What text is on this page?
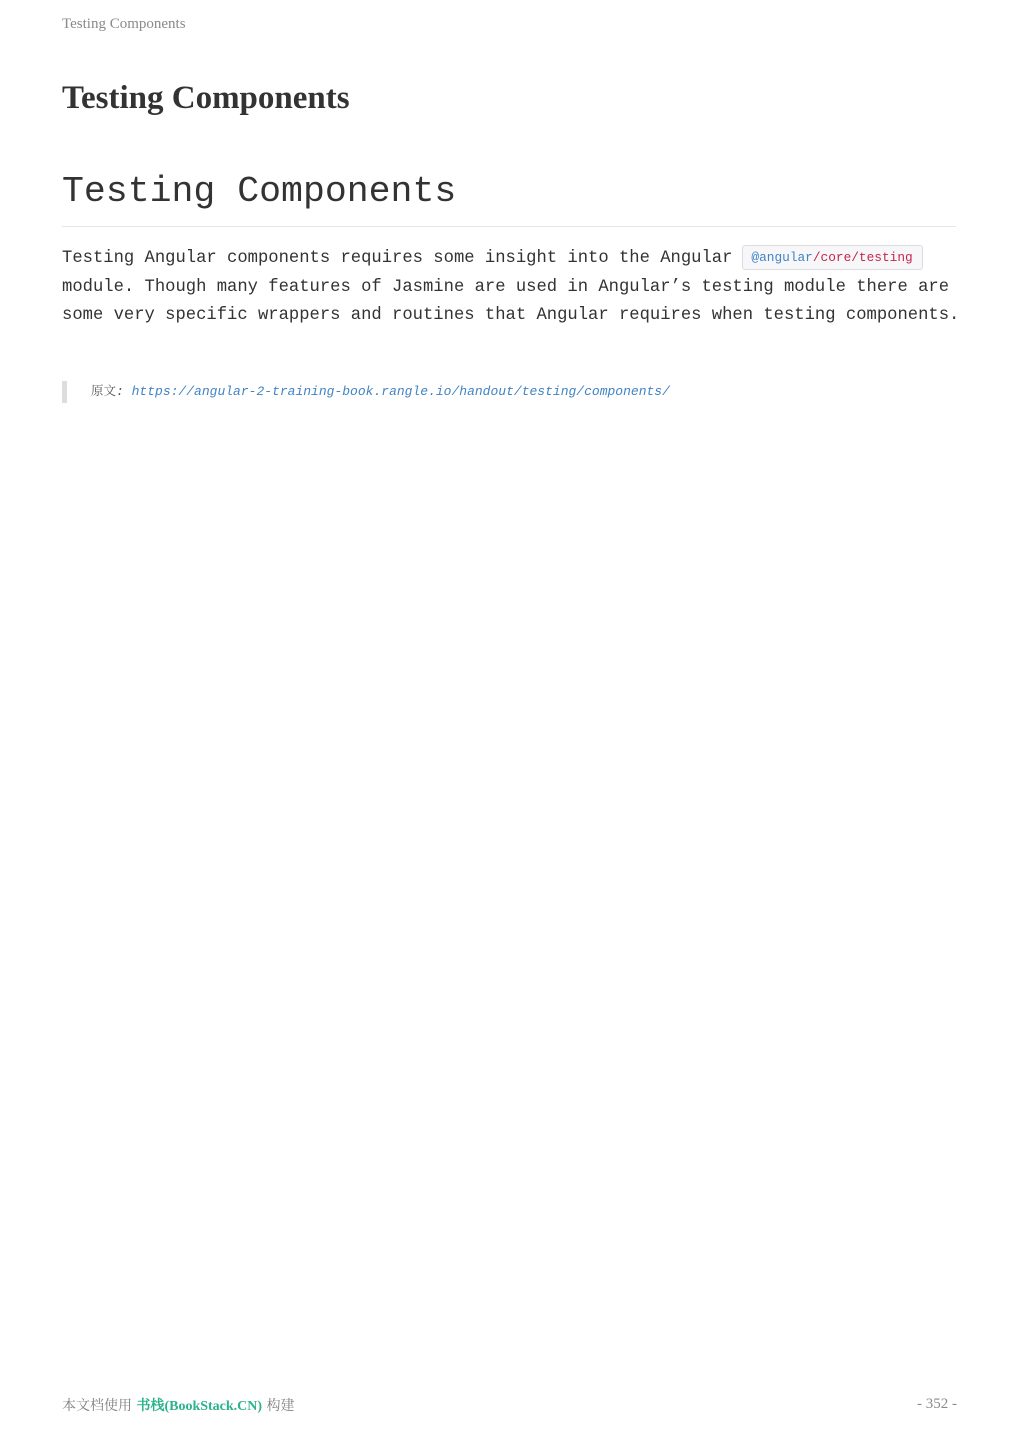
Testing Components
Testing Components
Testing Components

Testing Angular components requires some insight into the Angular @angular/core/testing module. Though many features of Jasmine are used in Angular’s testing module there are some very specific wrappers and routines that Angular requires when testing components.

原文: https://angular-2-training-book.rangle.io/handout/testing/components/
本文档使用 书栈(BookStack.CN) 构建	- 352 -
